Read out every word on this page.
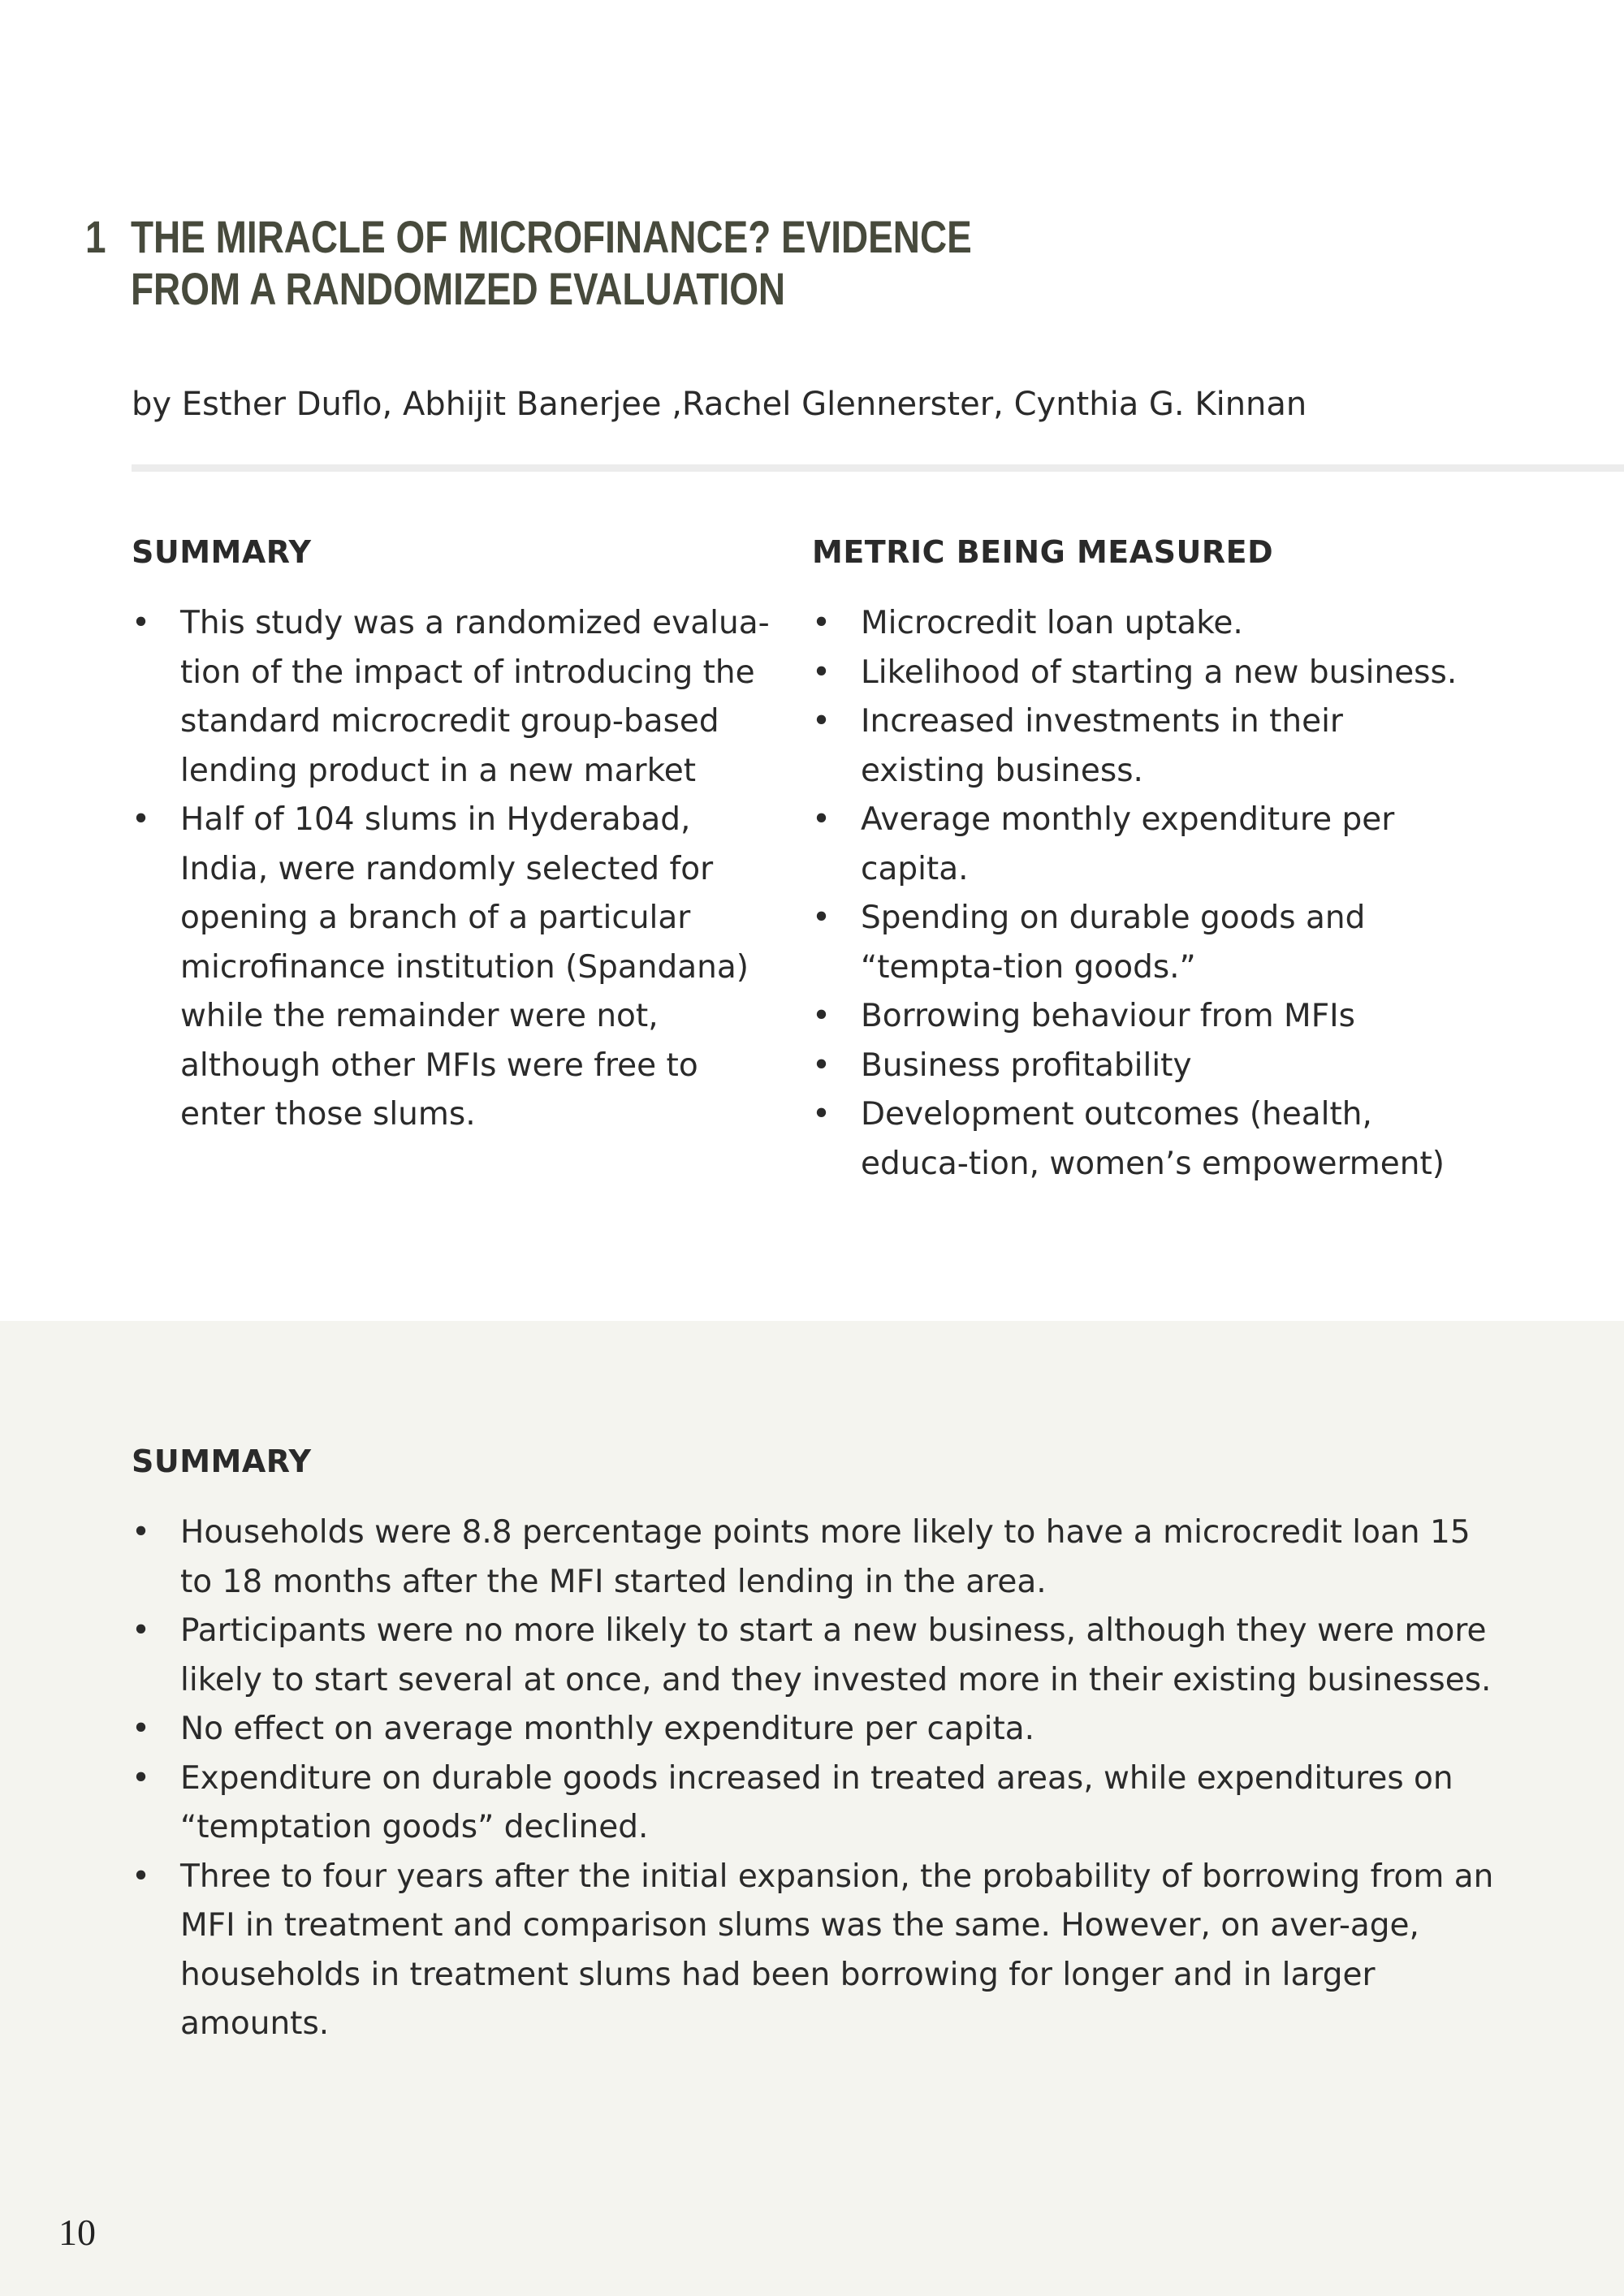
1 THE MIRACLE OF MICROFINANCE? EVIDENCE
FROM A RANDOMIZED EVALUATION
by Esther Duflo, Abhijit Banerjee ,Rachel Glennerster, Cynthia G. Kinnan
SUMMARY
• This study was a randomized evalua-tion of the impact of introducing the standard microcredit group-based lending product in a new market
• Half of 104 slums in Hyderabad, India, were randomly selected for opening a branch of a particular microfinance institution (Spandana) while the remainder were not, although other MFIs were free to enter those slums.
METRIC BEING MEASURED
• Microcredit loan uptake.
• Likelihood of starting a new business.
• Increased investments in their existing business.
• Average monthly expenditure per capita.
• Spending on durable goods and “tempta-tion goods.”
• Borrowing behaviour from MFIs
• Business profitability
• Development outcomes (health, educa-tion, women’s empowerment)
SUMMARY
• Households were 8.8 percentage points more likely to have a microcredit loan 15 to 18 months after the MFI started lending in the area.
• Participants were no more likely to start a new business, although they were more likely to start several at once, and they invested more in their existing businesses.
• No effect on average monthly expenditure per capita.
• Expenditure on durable goods increased in treated areas, while expenditures on “temptation goods” declined.
• Three to four years after the initial expansion, the probability of borrowing from an MFI in treatment and comparison slums was the same. However, on aver-age, households in treatment slums had been borrowing for longer and in larger amounts.
10
